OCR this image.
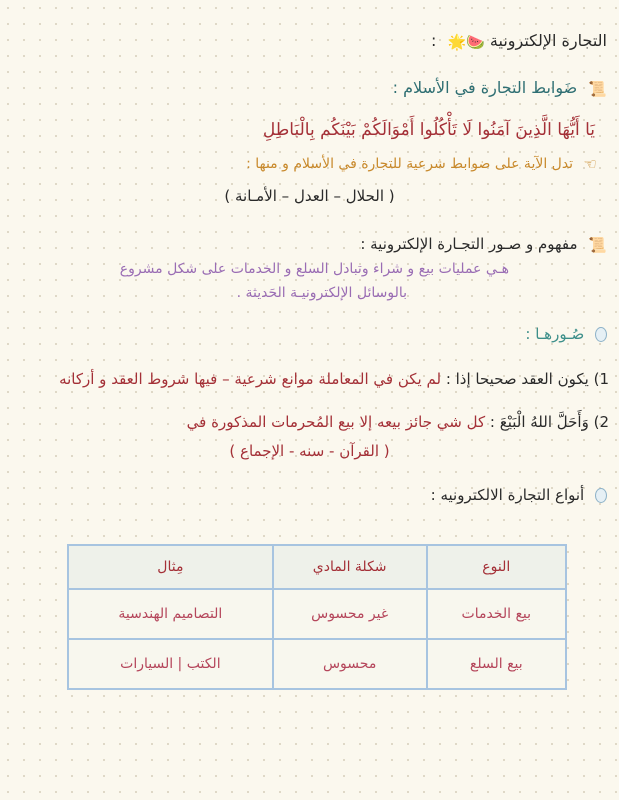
التجارة الإلكترونية 🍉🌟 :
📜 ضَوابط التجارة في الأسلام :
يَا أَيُّهَا الَّذِينَ آمَنُوا لَا تَأْكُلُوا أَمْوَالَكُمْ بَيْنَكُم بِالْبَاطِلِ
☜ تدل الآية على ضوابط شرعية للتجارة في الأسلام و منها :
( الحلال – العدل – الأمـانة )
📜 مفهوم و صـور التجـارة الإلكترونية :
هـي عمليات بيع و شراء وتبادل السلع و الخدمات على شكل مشروع
بالوسائل الإلكترونيـة الحَديثة .
صُـورهـا :
1) يكون العقد صحيحا إذا : لم يكن في المعاملة موانع شرعية – فيها شروط العقد و أركانه
2) وَأَحَلَّ اللهُ الْبَيْعَ : كل شي جائز بيعه إلا بيع المُحرمات المذكورة في
( القرآن - سنه - الإجماع )
أنواع التجارة الالكترونيه :
النوع	شكلة المادي	مِثال
بيع الخدمات	غير محسوس	التصاميم الهندسية
بيع السلع	محسوس	الكتب | السيارات
